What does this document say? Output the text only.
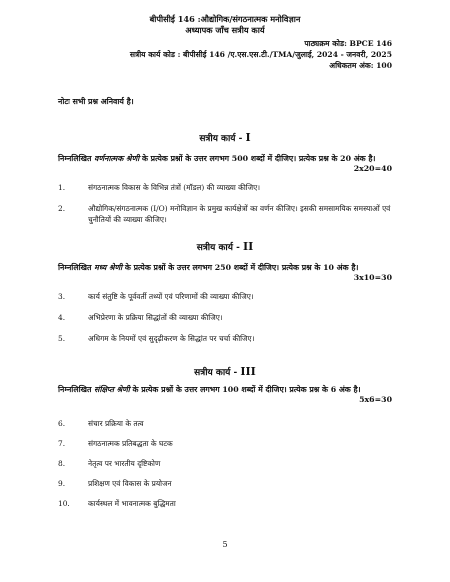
बीपीसीई 146 :औद्योगिक/संगठनात्मक मनोविज्ञान
अध्यापक जाँच सत्रीय कार्य
पाठ्यक्रम कोड: BPCE 146
सत्रीय कार्य कोड : बीपीसीई 146 /ए.एस.एस.टी./TMA/जुलाई, 2024 - जनवरी, 2025
अधिकतम अंक: 100
नोटः सभी प्रश्न अनिवार्य है।
सत्रीय कार्य - I
निम्नलिखित वर्णनात्मक श्रेणी के प्रत्येक प्रश्नों के उत्तर लगभग 500 शब्दों में दीजिए। प्रत्येक प्रश्न के 20 अंक है।
2x20=40
1.	संगठनात्मक विकास के विभिन्न तंत्रों (मॉडल) की व्याख्या कीजिए।
2.	औद्योगिक/संगठनात्मक (I/O) मनोविज्ञान के प्रमुख कार्यक्षेत्रों का वर्णन कीजिए। इसकी समसामयिक समस्याओं एवं चुनौतियों की व्याख्या कीजिए।
सत्रीय कार्य - II
निम्नलिखित मध्य श्रेणी के प्रत्येक प्रश्नों के उत्तर लगभग 250 शब्दों में दीजिए। प्रत्येक प्रश्न के 10 अंक है।
3x10=30
3.	कार्य संतुष्टि के पूर्ववर्ती तथ्यों एवं परिणामों की व्याख्या कीजिए।
4.	अभिप्रेरणा के प्रक्रिया सिद्धांतों की व्याख्या कीजिए।
5.	अधिगम के नियमों एवं सुदृढ़ीकरण के सिद्धांत पर चर्चा कीजिए।
सत्रीय कार्य - III
निम्नलिखित संक्षिप्त श्रेणी के प्रत्येक प्रश्नों के उत्तर लगभग 100 शब्दों में दीजिए। प्रत्येक प्रश्न के 6 अंक है।
5x6=30
6.	संचार प्रक्रिया के तत्व
7.	संगठनात्मक प्रतिबद्धता के घटक
8.	नेतृत्व पर भारतीय दृष्टिकोण
9.	प्रशिक्षण एवं विकास के प्रयोजन
10.	कार्यस्थल में भावनात्मक बुद्धिमता
5
